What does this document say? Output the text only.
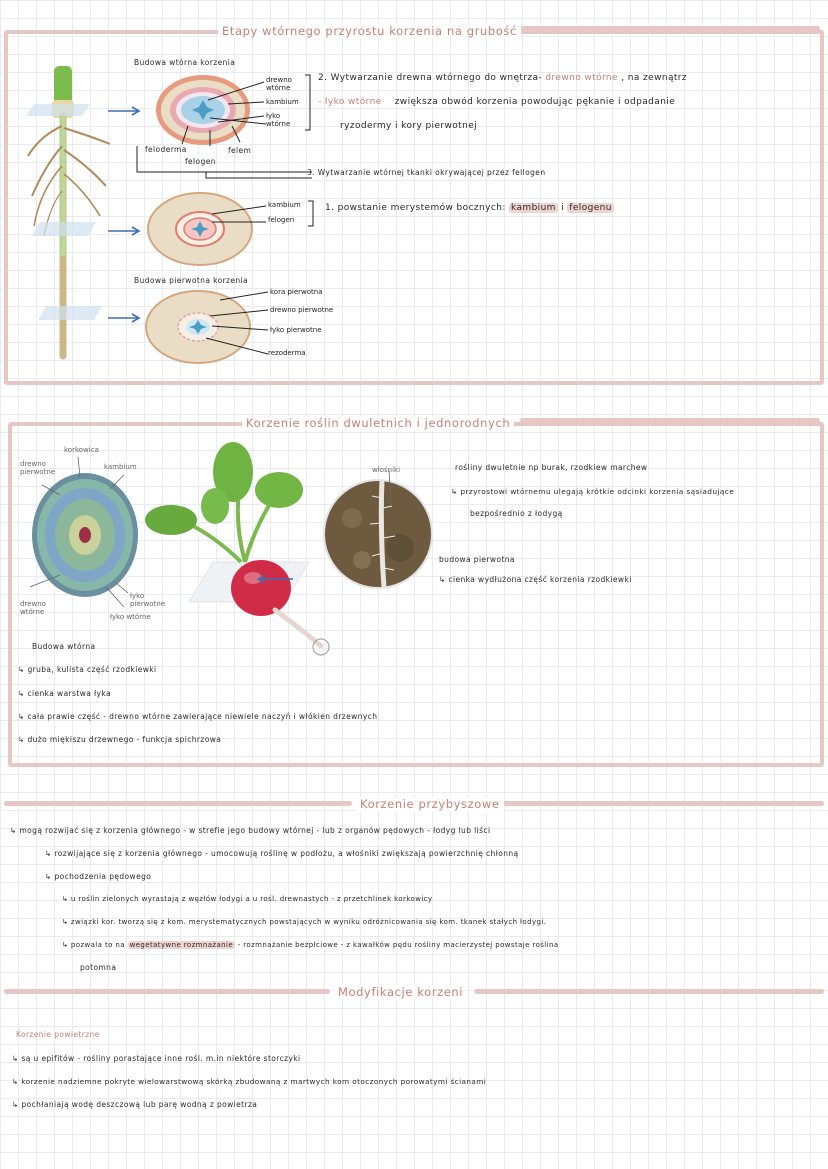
Etapy wtórnego przyrostu korzenia na grubość
Budowa wtórna korzenia
drewno wtórne
kambium
łyko wtórne
feloderma
felogen
felem
2. Wytwarzanie drewna wtórnego do wnętrza- drewno wtórne , na zewnątrz
- łyko wtórne zwiększa obwód korzenia powodując pękanie i odpadanie
ryzodermy i kory pierwotnej
3. Wytwarzanie wtórnej tkanki okrywającej przez fellogen
kambium
felogen
1. powstanie merystemów bocznych: kambium i felogenu
Budowa pierwotna korzenia
kora pierwotna
drewno pierwotne
łyko pierwotne
rezoderma
Korzenie roślin dwuletnich i jednorodnych
korkowica
drewno pierwotne
kambium
drewno wtórne
łyko pierwotne
łyko wtórne
włośniki	rośliny dwuletnie np burak, rzodkiew marchew
↳ przyrostowi wtórnemu ulegają krótkie odcinki korzenia sąsiadujące
bezpośrednio z łodygą
budowa pierwotna
↳ cienka wydłużona część korzenia rzodkiewki
Budowa wtórna
↳ gruba, kulista część rzodkiewki
↳ cienka warstwa łyka
↳ cała prawie część - drewno wtórne zawierające niewiele naczyń i włókien drzewnych
↳ dużo miękiszu drzewnego - funkcja spichrzowa
Korzenie przybyszowe
↳ mogą rozwijać się z korzenia głównego - w strefie jego budowy wtórnej - lub z organów pędowych - łodyg lub liści
↳ rozwijające się z korzenia głównego - umocowują roślinę w podłożu, a włośniki zwiększają powierzchnię chłonną
↳ pochodzenia pędowego
↳ u roślin zielonych wyrastają z węzłów łodygi a u rośl. drewnastych - z przetchlinek korkowicy
↳ związki kor. tworzą się z kom. merystematycznych powstających w wyniku odróżnicowania się kom. tkanek stałych łodygi.
↳ pozwala to na wegetatywne rozmnażanie - rozmnażanie bezpłciowe - z kawałków pędu rośliny macierzystej powstaje roślina
potomna
Modyfikacje korzeni
Korzenie powietrzne
↳ są u epifitów - rośliny porastające inne rośl. m.in niektóre storczyki
↳ korzenie nadziemne pokryte wielowarstwową skórką zbudowaną z martwych kom otoczonych porowatymi ścianami
↳ pochłaniają wodę deszczową lub parę wodną z powietrza
